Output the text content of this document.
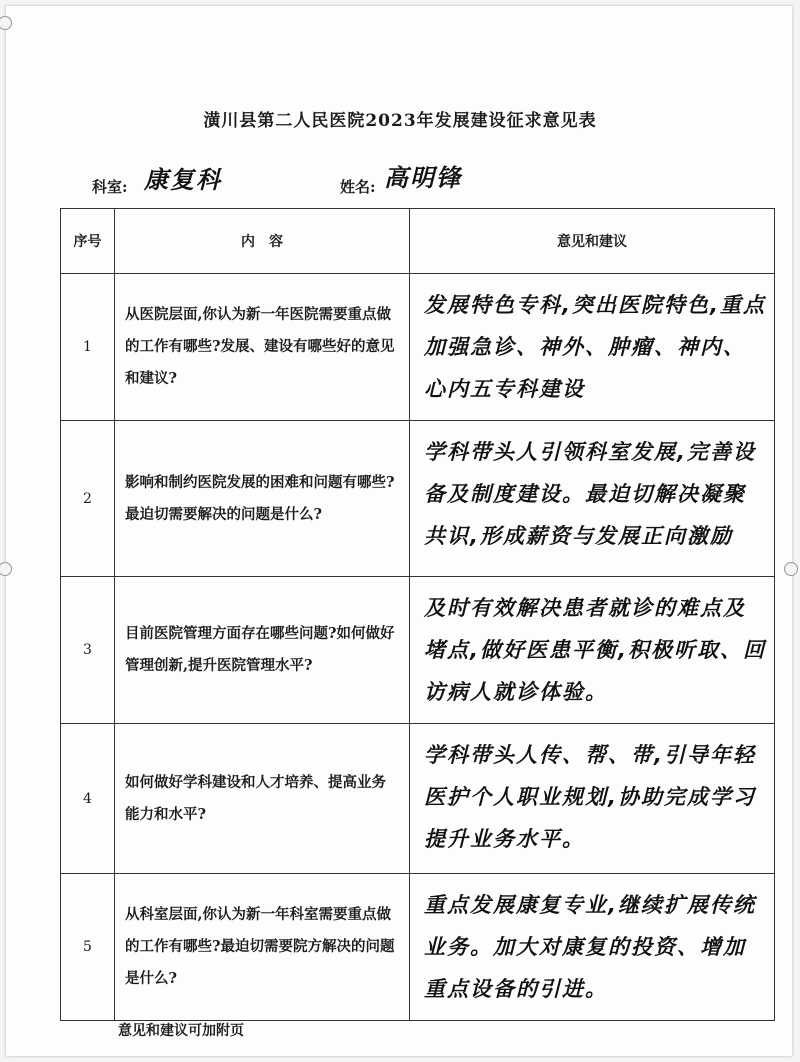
潢川县第二人民医院2023年发展建设征求意见表
科室: 康复科	姓名: 高明锋
序号	内　容	意见和建议
1	从医院层面,你认为新一年医院需要重点做的工作有哪些?发展、建设有哪些好的意见和建议?	发展特色专科,突出医院特色,重点加强急诊、神外、肿瘤、神内、心内五专科建设
2	影响和制约医院发展的困难和问题有哪些?最迫切需要解决的问题是什么?	学科带头人引领科室发展,完善设备及制度建设。最迫切解决凝聚共识,形成薪资与发展正向激励
3	目前医院管理方面存在哪些问题?如何做好管理创新,提升医院管理水平?	及时有效解决患者就诊的难点及堵点,做好医患平衡,积极听取、回访病人就诊体验。
4	如何做好学科建设和人才培养、提高业务能力和水平?	学科带头人传、帮、带,引导年轻医护个人职业规划,协助完成学习提升业务水平。
5	从科室层面,你认为新一年科室需要重点做的工作有哪些?最迫切需要院方解决的问题是什么?	重点发展康复专业,继续扩展传统业务。加大对康复的投资、增加重点设备的引进。
意见和建议可加附页
